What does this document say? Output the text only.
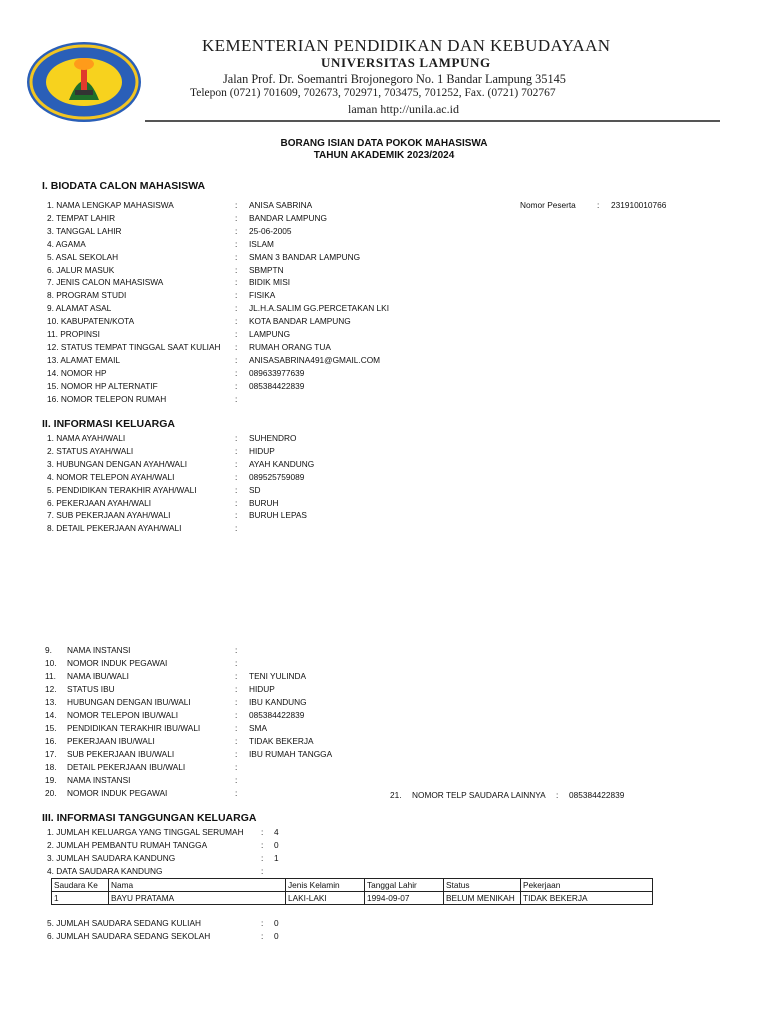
KEMENTERIAN PENDIDIKAN DAN KEBUDAYAAN
UNIVERSITAS LAMPUNG
Jalan Prof. Dr. Soemantri Brojonegoro No. 1 Bandar Lampung 35145
Telepon (0721) 701609, 702673, 702971, 703475, 701252, Fax. (0721) 702767
laman http://unila.ac.id
BORANG ISIAN DATA POKOK MAHASISWA
TAHUN AKADEMIK 2023/2024
I. BIODATA CALON MAHASISWA
Nomor Peserta	: 231910010766
1. NAMA LENGKAP MAHASISWA	: ANISA SABRINA
2. TEMPAT LAHIR	: BANDAR LAMPUNG
3. TANGGAL LAHIR	: 25-06-2005
4. AGAMA	: ISLAM
5. ASAL SEKOLAH	: SMAN 3 BANDAR LAMPUNG
6. JALUR MASUK	: SBMPTN
7. JENIS CALON MAHASISWA	: BIDIK MISI
8. PROGRAM STUDI	: FISIKA
9. ALAMAT ASAL	: JL.H.A.SALIM GG.PERCETAKAN LKI
10. KABUPATEN/KOTA	: KOTA BANDAR LAMPUNG
11. PROPINSI	: LAMPUNG
12. STATUS TEMPAT TINGGAL SAAT KULIAH : RUMAH ORANG TUA
13. ALAMAT EMAIL	: ANISASABRINA491@GMAIL.COM
14. NOMOR HP	: 089633977639
15. NOMOR HP ALTERNATIF	: 085384422839
16. NOMOR TELEPON RUMAH	:
II. INFORMASI KELUARGA
1. NAMA AYAH/WALI	: SUHENDRO
2. STATUS AYAH/WALI	: HIDUP
3. HUBUNGAN DENGAN AYAH/WALI	: AYAH KANDUNG
4. NOMOR TELEPON AYAH/WALI	: 089525759089
5. PENDIDIKAN TERAKHIR AYAH/WALI	: SD
6. PEKERJAAN AYAH/WALI	: BURUH
7. SUB PEKERJAAN AYAH/WALI	: BURUH LEPAS
8. DETAIL PEKERJAAN AYAH/WALI	:
9. NAMA INSTANSI	:
10. NOMOR INDUK PEGAWAI	:
11. NAMA IBU/WALI	: TENI YULINDA
12. STATUS IBU	: HIDUP
13. HUBUNGAN DENGAN IBU/WALI	: IBU KANDUNG
14. NOMOR TELEPON IBU/WALI	: 085384422839
15. PENDIDIKAN TERAKHIR IBU/WALI	: SMA
16. PEKERJAAN IBU/WALI	: TIDAK BEKERJA
17. SUB PEKERJAAN IBU/WALI	: IBU RUMAH TANGGA
18. DETAIL PEKERJAAN IBU/WALI	:
19. NAMA INSTANSI	:
20. NOMOR INDUK PEGAWAI	:	21. NOMOR TELP SAUDARA LAINNYA : 085384422839
III. INFORMASI TANGGUNGAN KELUARGA
1. JUMLAH KELUARGA YANG TINGGAL SERUMAH : 4
2. JUMLAH PEMBANTU RUMAH TANGGA	: 0
3. JUMLAH SAUDARA KANDUNG	: 1
4. DATA SAUDARA KANDUNG	:
Saudara Ke	Nama	Jenis Kelamin	Tanggal Lahir	Status	Pekerjaan
1	BAYU PRATAMA	LAKI-LAKI	1994-09-07	BELUM MENIKAH	TIDAK BEKERJA
5. JUMLAH SAUDARA SEDANG KULIAH	: 0
6. JUMLAH SAUDARA SEDANG SEKOLAH	: 0
